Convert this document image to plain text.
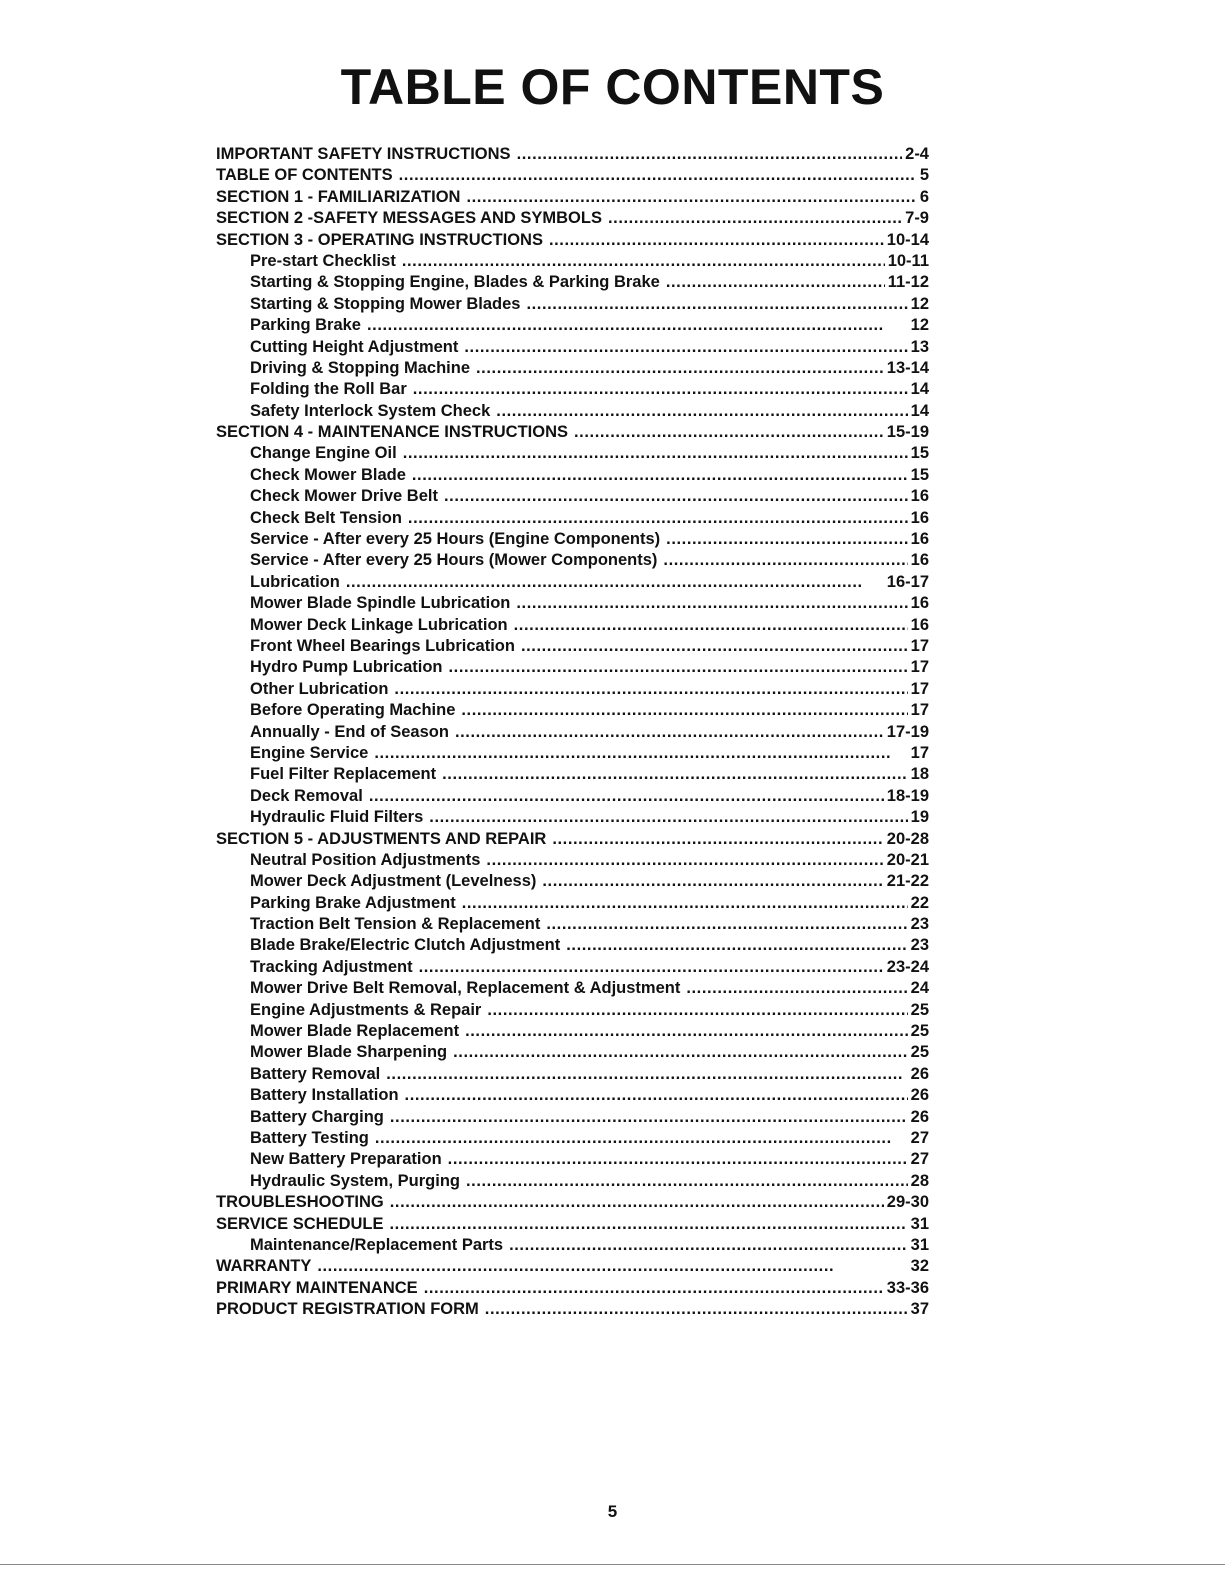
TABLE OF CONTENTS
IMPORTANT SAFETY INSTRUCTIONS . . .	2-4
TABLE OF CONTENTS . . .	5
SECTION 1 - FAMILIARIZATION . . .	6
SECTION 2 -SAFETY MESSAGES AND SYMBOLS . . .	7-9
SECTION 3 - OPERATING INSTRUCTIONS . . .	10-14
Pre-start Checklist . . .	10-11
Starting & Stopping Engine, Blades & Parking Brake . . .	11-12
Starting & Stopping Mower Blades . . .	12
Parking Brake . . .	12
Cutting Height Adjustment . . .	13
Driving & Stopping Machine . . .	13-14
Folding the Roll Bar . . .	14
Safety Interlock System Check . . .	14
SECTION 4 - MAINTENANCE INSTRUCTIONS . . .	15-19
Change Engine Oil . . .	15
Check Mower Blade . . .	15
Check Mower Drive Belt . . .	16
Check Belt Tension . . .	16
Service - After every 25 Hours (Engine Components) . . .	16
Service - After every 25 Hours (Mower Components) . . .	16
Lubrication . . .	16-17
Mower Blade Spindle Lubrication . . .	16
Mower Deck Linkage Lubrication . . .	16
Front Wheel Bearings Lubrication . . .	17
Hydro Pump Lubrication . . .	17
Other Lubrication . . .	17
Before Operating Machine . . .	17
Annually - End of Season . . .	17-19
Engine Service . . .	17
Fuel Filter Replacement . . .	18
Deck Removal . . .	18-19
Hydraulic Fluid Filters . . .	19
SECTION 5 - ADJUSTMENTS AND REPAIR . . .	20-28
Neutral Position Adjustments . . .	20-21
Mower Deck Adjustment (Levelness) . . .	21-22
Parking Brake Adjustment . . .	22
Traction Belt Tension & Replacement . . .	23
Blade Brake/Electric Clutch Adjustment . . .	23
Tracking Adjustment . . .	23-24
Mower Drive Belt Removal, Replacement & Adjustment . . .	24
Engine Adjustments & Repair . . .	25
Mower Blade Replacement . . .	25
Mower Blade Sharpening . . .	25
Battery Removal . . .	26
Battery Installation . . .	26
Battery Charging . . .	26
Battery Testing . . .	27
New Battery Preparation . . .	27
Hydraulic System, Purging . . .	28
TROUBLESHOOTING . . .	29-30
SERVICE SCHEDULE . . .	31
Maintenance/Replacement Parts . . .	31
WARRANTY . . .	32
PRIMARY MAINTENANCE . . .	33-36
PRODUCT REGISTRATION FORM . . .	37
5
